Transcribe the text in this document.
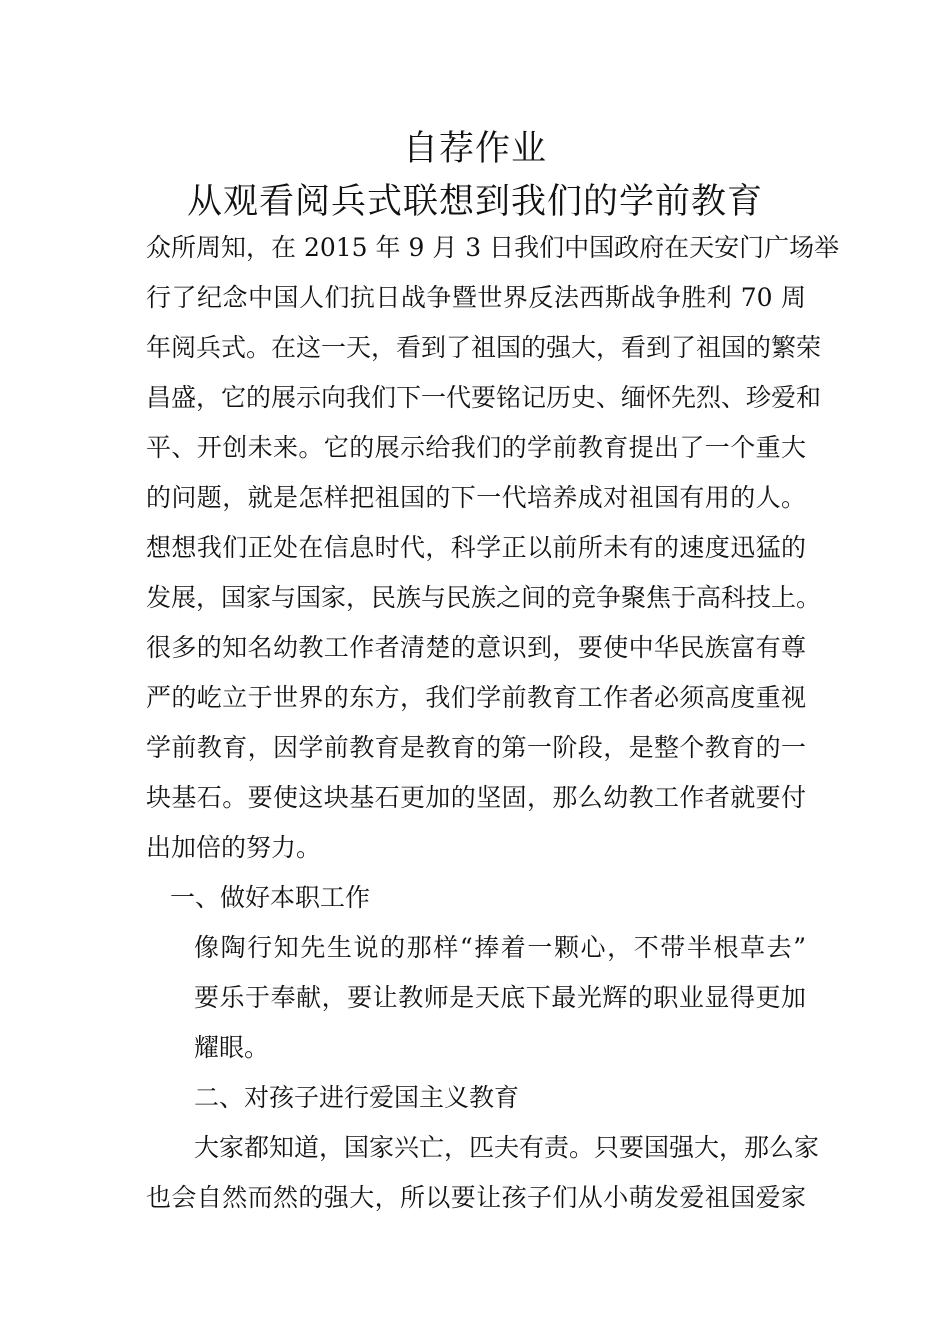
自荐作业
从观看阅兵式联想到我们的学前教育
众所周知，在 2015 年 9 月 3 日我们中国政府在天安门广场举
行了纪念中国人们抗日战争暨世界反法西斯战争胜利 70 周
年阅兵式。在这一天，看到了祖国的强大，看到了祖国的繁荣
昌盛，它的展示向我们下一代要铭记历史、缅怀先烈、珍爱和
平、开创未来。它的展示给我们的学前教育提出了一个重大
的问题，就是怎样把祖国的下一代培养成对祖国有用的人。
想想我们正处在信息时代，科学正以前所未有的速度迅猛的
发展，国家与国家，民族与民族之间的竞争聚焦于高科技上。
很多的知名幼教工作者清楚的意识到，要使中华民族富有尊
严的屹立于世界的东方，我们学前教育工作者必须高度重视
学前教育，因学前教育是教育的第一阶段，是整个教育的一
块基石。要使这块基石更加的坚固，那么幼教工作者就要付
出加倍的努力。
一、做好本职工作
像陶行知先生说的那样“捧着一颗心，不带半根草去”
要乐于奉献，要让教师是天底下最光辉的职业显得更加
耀眼。
二、对孩子进行爱国主义教育
大家都知道，国家兴亡，匹夫有责。只要国强大，那么家
也会自然而然的强大，所以要让孩子们从小萌发爱祖国爱家
